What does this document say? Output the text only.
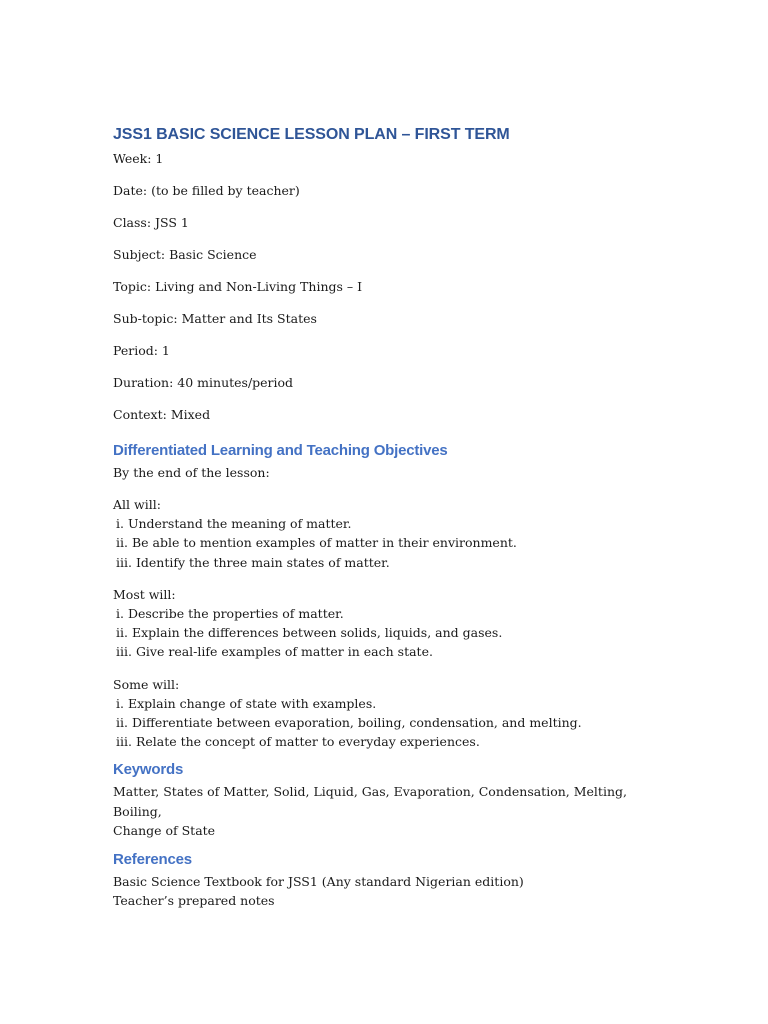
JSS1 BASIC SCIENCE LESSON PLAN – FIRST TERM

Week: 1

Date: (to be filled by teacher)

Class: JSS 1

Subject: Basic Science

Topic: Living and Non-Living Things – I

Sub-topic: Matter and Its States

Period: 1

Duration: 40 minutes/period

Context: Mixed

Differentiated Learning and Teaching Objectives

By the end of the lesson:

All will:

i. Understand the meaning of matter.

ii. Be able to mention examples of matter in their environment.

iii. Identify the three main states of matter.

Most will:

i. Describe the properties of matter.

ii. Explain the differences between solids, liquids, and gases.

iii. Give real-life examples of matter in each state.

Some will:

i. Explain change of state with examples.

ii. Differentiate between evaporation, boiling, condensation, and melting.

iii. Relate the concept of matter to everyday experiences.

Keywords

Matter, States of Matter, Solid, Liquid, Gas, Evaporation, Condensation, Melting, Boiling,

Change of State

References

Basic Science Textbook for JSS1 (Any standard Nigerian edition)

Teacher’s prepared notes
